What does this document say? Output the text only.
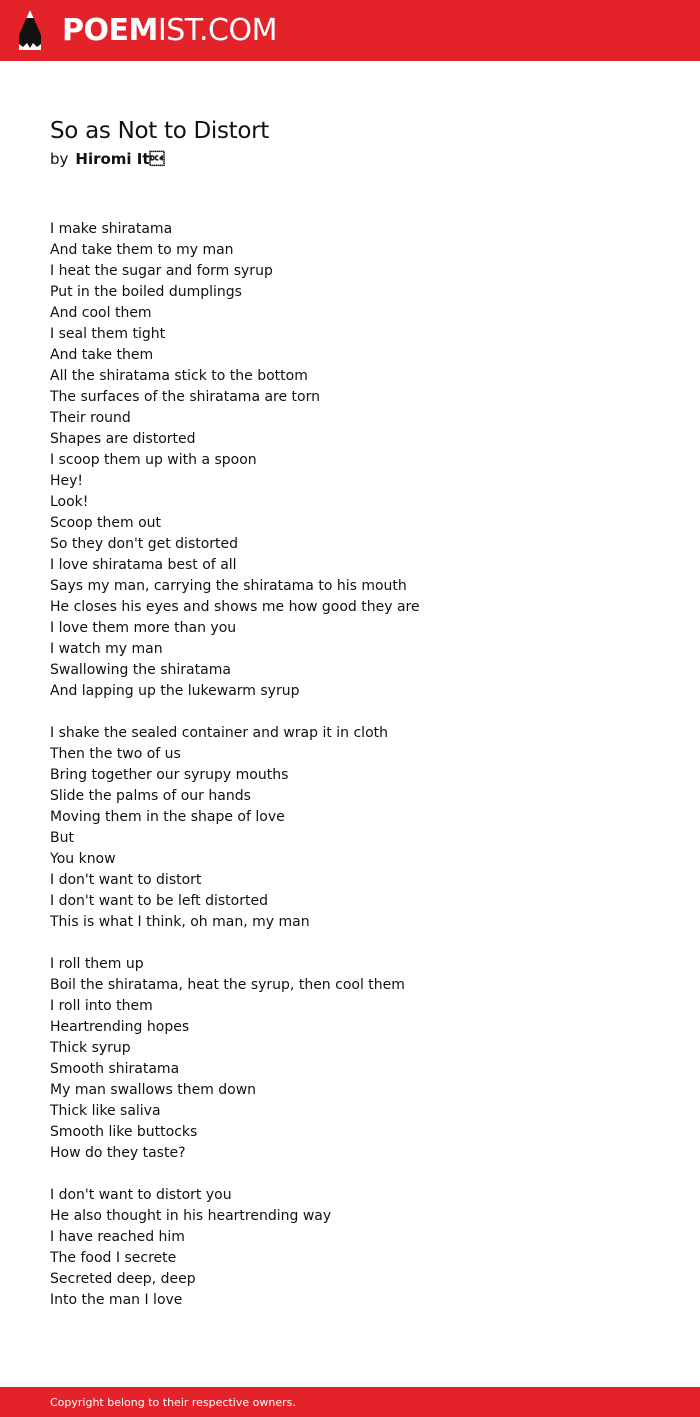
POEMIST.COM
So as Not to Distort
by Hiromi It
I make shiratama
And take them to my man
I heat the sugar and form syrup
Put in the boiled dumplings
And cool them
I seal them tight
And take them
All the shiratama stick to the bottom
The surfaces of the shiratama are torn
Their round
Shapes are distorted
I scoop them up with a spoon
Hey!
Look!
Scoop them out
So they don't get distorted
I love shiratama best of all
Says my man, carrying the shiratama to his mouth
He closes his eyes and shows me how good they are
I love them more than you
I watch my man
Swallowing the shiratama
And lapping up the lukewarm syrup
I shake the sealed container and wrap it in cloth
Then the two of us
Bring together our syrupy mouths
Slide the palms of our hands
Moving them in the shape of love
But
You know
I don't want to distort
I don't want to be left distorted
This is what I think, oh man, my man
I roll them up
Boil the shiratama, heat the syrup, then cool them
I roll into them
Heartrending hopes
Thick syrup
Smooth shiratama
My man swallows them down
Thick like saliva
Smooth like buttocks
How do they taste?
I don't want to distort you
He also thought in his heartrending way
I have reached him
The food I secrete
Secreted deep, deep
Into the man I love
Copyright belong to their respective owners.
